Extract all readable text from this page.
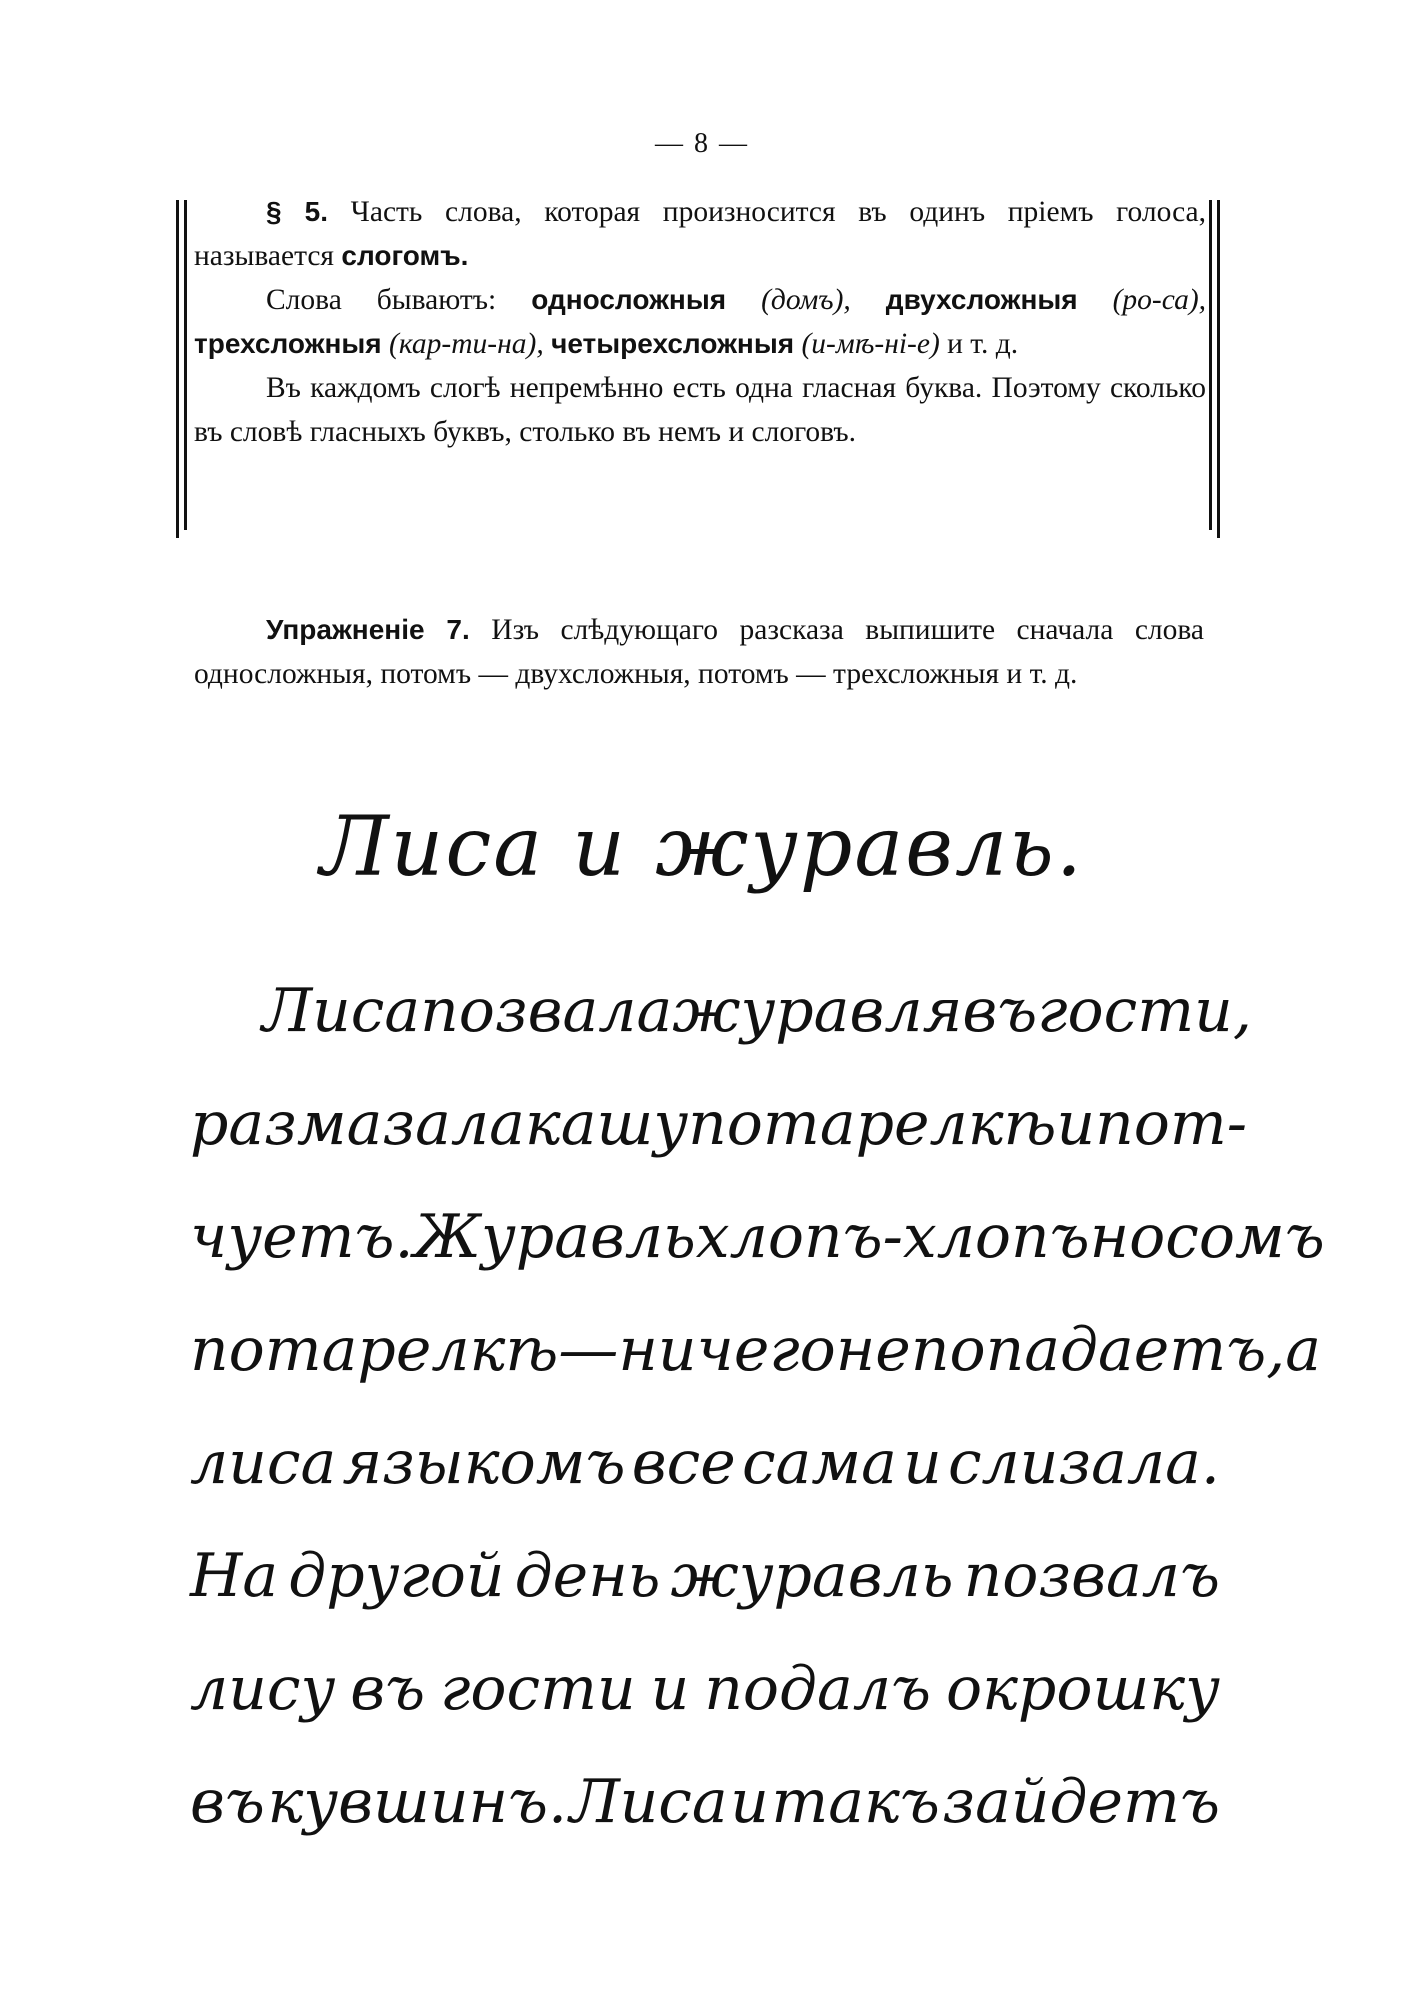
— 8 —

§ 5. Часть слова, которая произносится въ одинъ пріемъ голоса, называется слогомъ.

Слова бываютъ: односложныя (домъ), двухсложныя (ро-са), трехсложныя (кар-ти-на), четырехсложныя (и-мѣ-ні-е) и т. д.

Въ каждомъ слогѣ непремѣнно есть одна гласная буква. Поэтому сколько въ словѣ гласныхъ буквъ, столько въ немъ и слоговъ.

Упражненіе 7. Изъ слѣдующаго разсказа выпишите сначала слова односложныя, потомъ — двухсложныя, потомъ — трехсложныя и т. д.

Лиса и журавль.
Лиса позвала журавля въ гости,
размазала кашу по тарелкѣ и пот-
чуетъ. Журавль хлопъ-хлопъ носомъ
по тарелкѣ — ничего не попадаетъ, а
лиса языкомъ все сама и слизала.
На другой день журавль позвалъ
лису въ гости и подалъ окрошку
въ кувшинъ. Лиса и такъ зайдетъ
